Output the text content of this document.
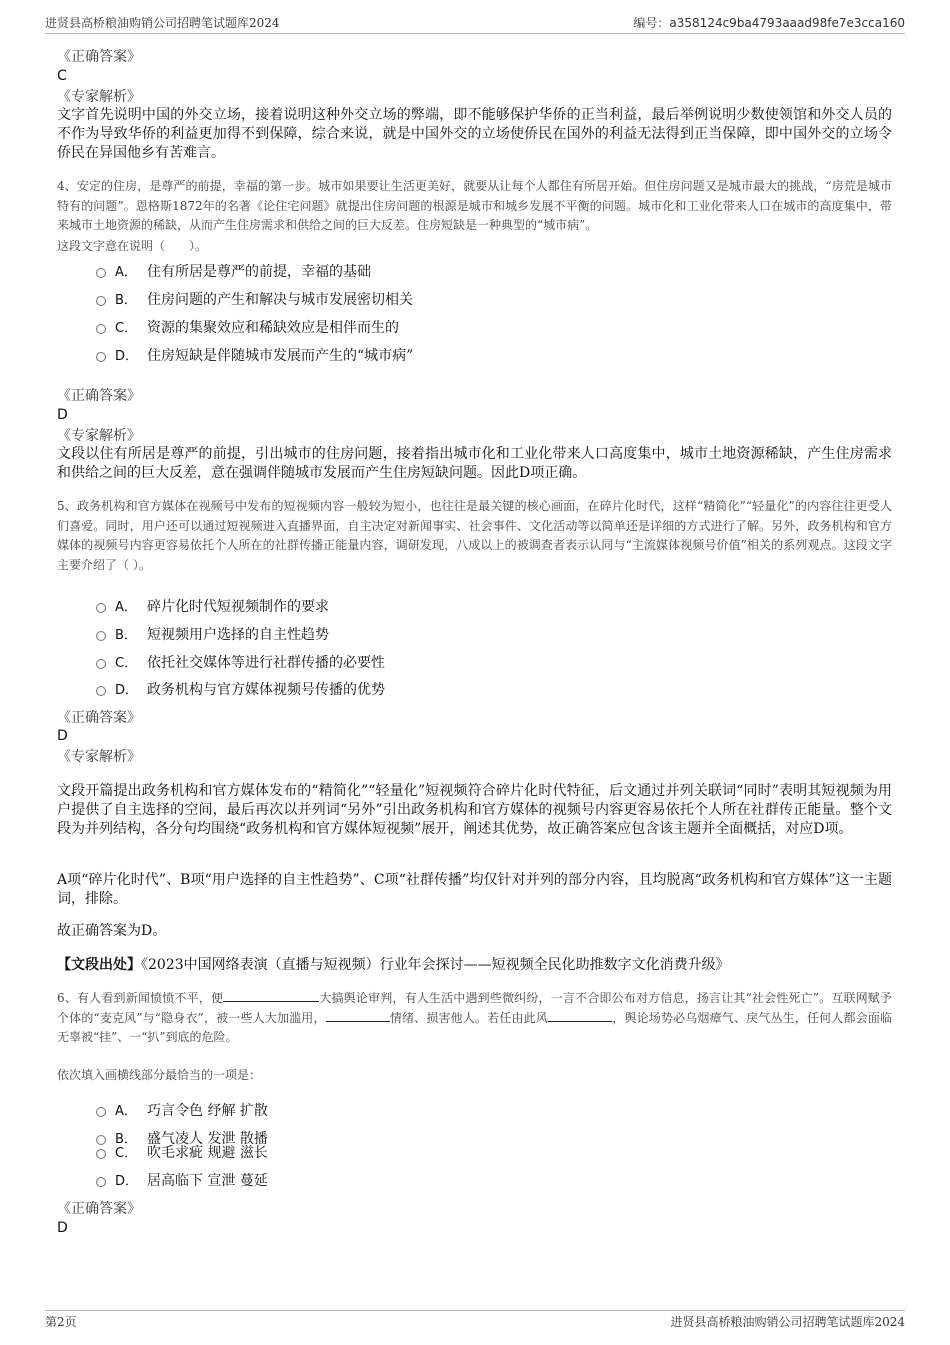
进贤县高桥粮油购销公司招聘笔试题库2024	编号：a358124c9ba4793aaad98fe7e3cca160
《正确答案》
C
《专家解析》
文字首先说明中国的外交立场，接着说明这种外交立场的弊端，即不能够保护华侨的正当利益，最后举例说明少数使领馆和外交人员的不作为导致华侨的利益更加得不到保障，综合来说，就是中国外交的立场使侨民在国外的利益无法得到正当保障，即中国外交的立场令侨民在异国他乡有苦难言。
4、安定的住房，是尊严的前提，幸福的第一步。城市如果要让生活更美好，就要从让每个人都住有所居开始。但住房问题又是城市最大的挑战，“房荒是城市特有的问题”。恩格斯1872年的名著《论住宅问题》就提出住房问题的根源是城市和城乡发展不平衡的问题。城市化和工业化带来人口在城市的高度集中，带来城市土地资源的稀缺，从而产生住房需求和供给之间的巨大反差。住房短缺是一种典型的“城市病”。
这段文字意在说明（　　）。
A． 住有所居是尊严的前提，幸福的基础
B． 住房问题的产生和解决与城市发展密切相关
C． 资源的集聚效应和稀缺效应是相伴而生的
D． 住房短缺是伴随城市发展而产生的“城市病”
《正确答案》
D
《专家解析》
文段以住有所居是尊严的前提，引出城市的住房问题，接着指出城市化和工业化带来人口高度集中，城市土地资源稀缺，产生住房需求和供给之间的巨大反差，意在强调伴随城市发展而产生住房短缺问题。因此D项正确。
5、政务机构和官方媒体在视频号中发布的短视频内容一般较为短小，也往往是最关键的核心画面，在碎片化时代，这样“精简化”“轻量化”的内容往往更受人们喜爱。同时，用户还可以通过短视频进入直播界面，自主决定对新闻事实、社会事件、文化活动等以简单还是详细的方式进行了解。另外，政务机构和官方媒体的视频号内容更容易依托个人所在的社群传播正能量内容，调研发现，八成以上的被调查者表示认同与“主流媒体视频号价值”相关的系列观点。这段文字主要介绍了（ ）。
A． 碎片化时代短视频制作的要求
B． 短视频用户选择的自主性趋势
C． 依托社交媒体等进行社群传播的必要性
D． 政务机构与官方媒体视频号传播的优势
《正确答案》
D
《专家解析》
文段开篇提出政务机构和官方媒体发布的“精简化”“轻量化”短视频符合碎片化时代特征，后文通过并列关联词“同时”表明其短视频为用户提供了自主选择的空间，最后再次以并列词“另外”引出政务机构和官方媒体的视频号内容更容易依托个人所在社群传正能量。整个文段为并列结构，各分句均围绕“政务机构和官方媒体短视频”展开，阐述其优势，故正确答案应包含该主题并全面概括，对应D项。
A项“碎片化时代”、B项“用户选择的自主性趋势”、C项“社群传播”均仅针对并列的部分内容，且均脱离“政务机构和官方媒体”这一主题词，排除。
故正确答案为D。
【文段出处】《2023中国网络表演（直播与短视频）行业年会探讨——短视频全民化助推数字文化消费升级》
6、有人看到新闻愤愤不平，便	大搞舆论审判，有人生活中遇到些微纠纷，一言不合即公布对方信息，扬言让其“社会性死亡”。互联网赋予个体的“麦克风”与“隐身衣”，被一些人大加滥用，	情绪、损害他人。若任由此风	，舆论场势必乌烟瘴气、戾气丛生，任何人都会面临无辜被“挂”、一“扒”到底的危险。
依次填入画横线部分最恰当的一项是：
A． 巧言令色 纾解 扩散
B． 盛气凌人 发泄 散播
C． 吹毛求疵 规避 滋长
D． 居高临下 宣泄 蔓延
《正确答案》
D
第2页	进贤县高桥粮油购销公司招聘笔试题库2024
